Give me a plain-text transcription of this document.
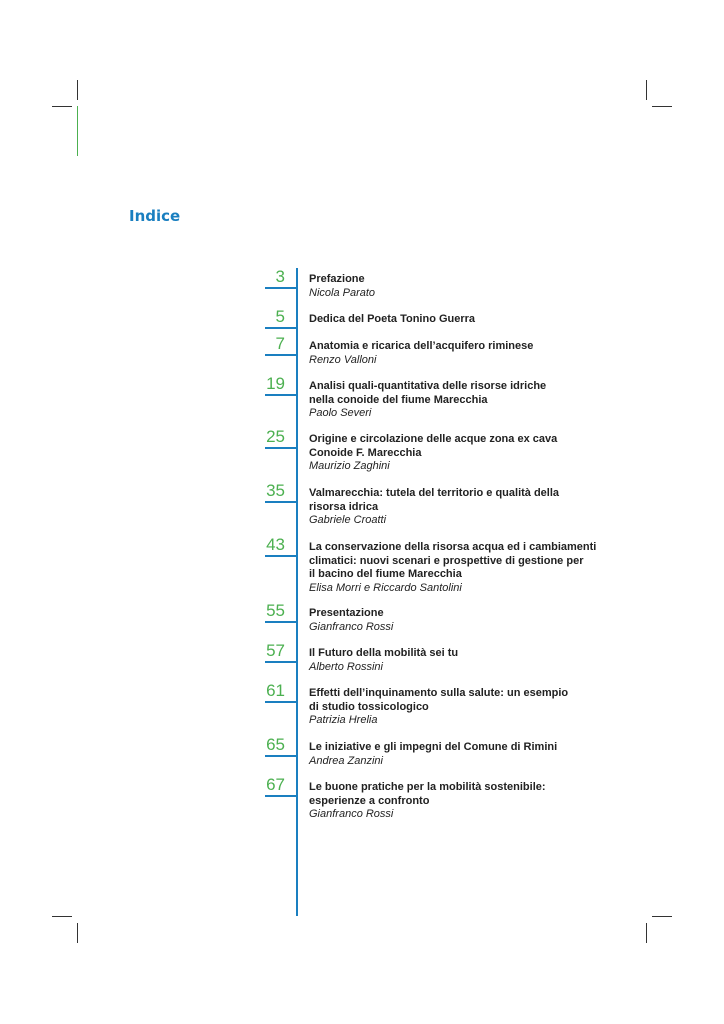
Indice
3 Prefazione
Nicola Parato
5 Dedica del Poeta Tonino Guerra
7 Anatomia e ricarica dell’acquifero riminese
Renzo Valloni
19 Analisi quali-quantitativa delle risorse idriche
nella conoide del fiume Marecchia
Paolo Severi
25 Origine e circolazione delle acque zona ex cava
Conoide F. Marecchia
Maurizio Zaghini
35 Valmarecchia: tutela del territorio e qualità della
risorsa idrica
Gabriele Croatti
43 La conservazione della risorsa acqua ed i cambiamenti
climatici: nuovi scenari e prospettive di gestione per
il bacino del fiume Marecchia
Elisa Morri e Riccardo Santolini
55 Presentazione
Gianfranco Rossi
57 Il Futuro della mobilità sei tu
Alberto Rossini
61 Effetti dell’inquinamento sulla salute: un esempio
di studio tossicologico
Patrizia Hrelia
65 Le iniziative e gli impegni del Comune di Rimini
Andrea Zanzini
67 Le buone pratiche per la mobilità sostenibile:
esperienze a confronto
Gianfranco Rossi
